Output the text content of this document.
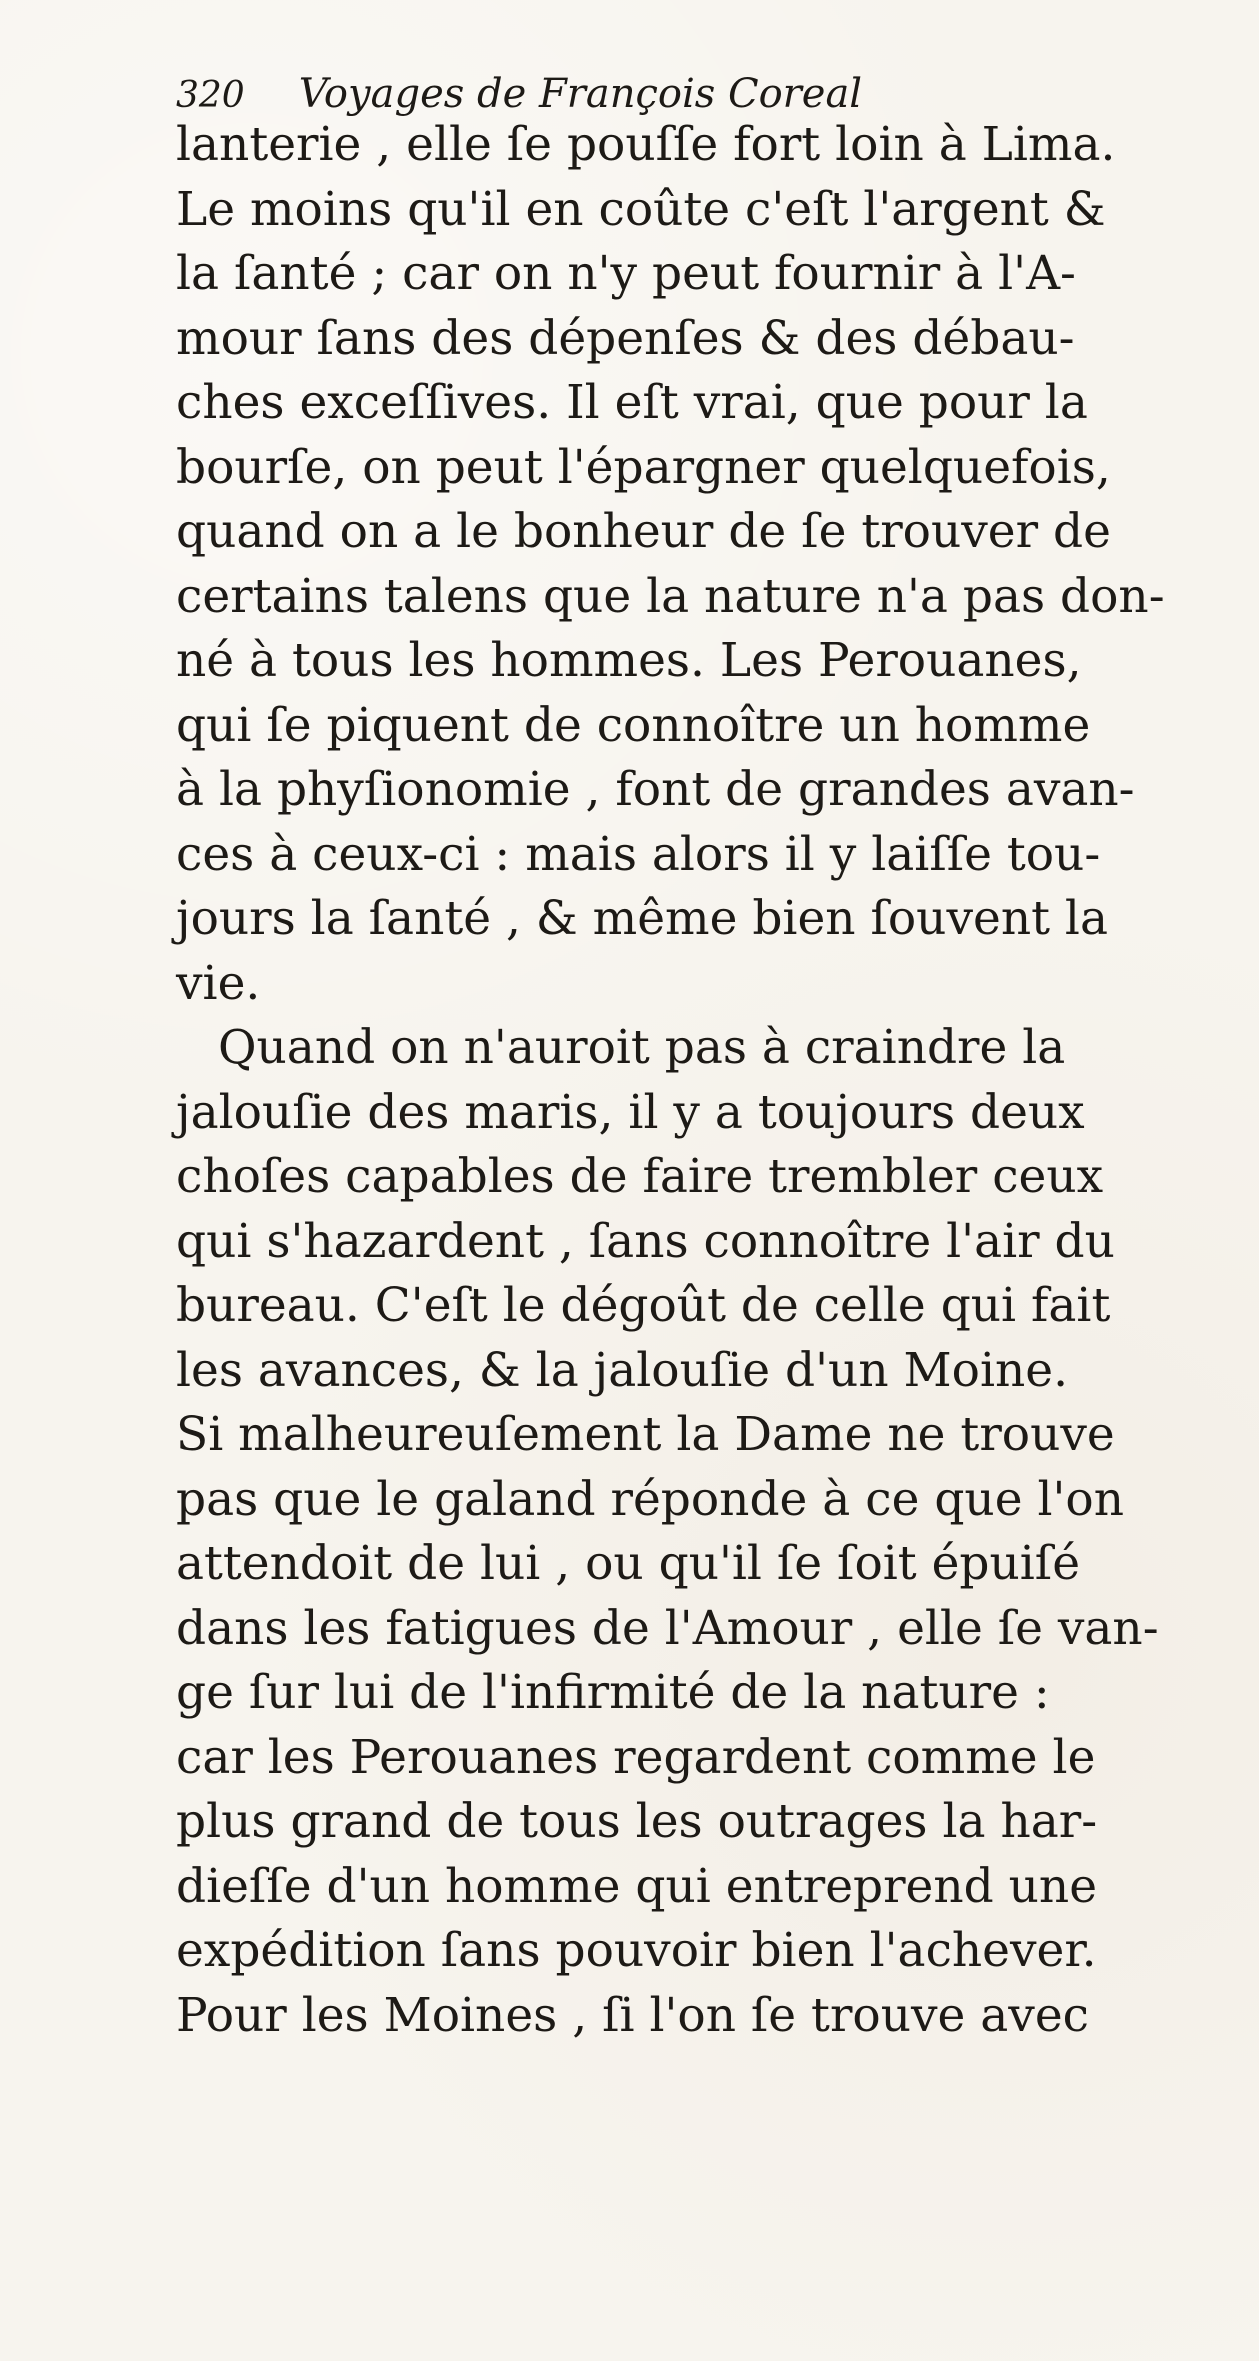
320 Voyages de François Coreal
lanterie , elle ſe pouſſe fort loin à Lima.
Le moins qu'il en coûte c'eſt l'argent &
la ſanté ; car on n'y peut fournir à l'A-
mour ſans des dépenſes & des débau-
ches exceſſives. Il eſt vrai, que pour la
bourſe, on peut l'épargner quelquefois,
quand on a le bonheur de ſe trouver de
certains talens que la nature n'a pas don-
né à tous les hommes. Les Perouanes,
qui ſe piquent de connoître un homme
à la phyſionomie , font de grandes avan-
ces à ceux-ci : mais alors il y laiſſe tou-
jours la ſanté , & même bien ſouvent la
vie.
Quand on n'auroit pas à craindre la
jalouſie des maris, il y a toujours deux
choſes capables de faire trembler ceux
qui s'hazardent , ſans connoître l'air du
bureau. C'eſt le dégoût de celle qui fait
les avances, & la jalouſie d'un Moine.
Si malheureuſement la Dame ne trouve
pas que le galand réponde à ce que l'on
attendoit de lui , ou qu'il ſe ſoit épuiſé
dans les fatigues de l'Amour , elle ſe van-
ge ſur lui de l'infirmité de la nature :
car les Perouanes regardent comme le
plus grand de tous les outrages la har-
dieſſe d'un homme qui entreprend une
expédition ſans pouvoir bien l'achever.
Pour les Moines , ſi l'on ſe trouve avec
